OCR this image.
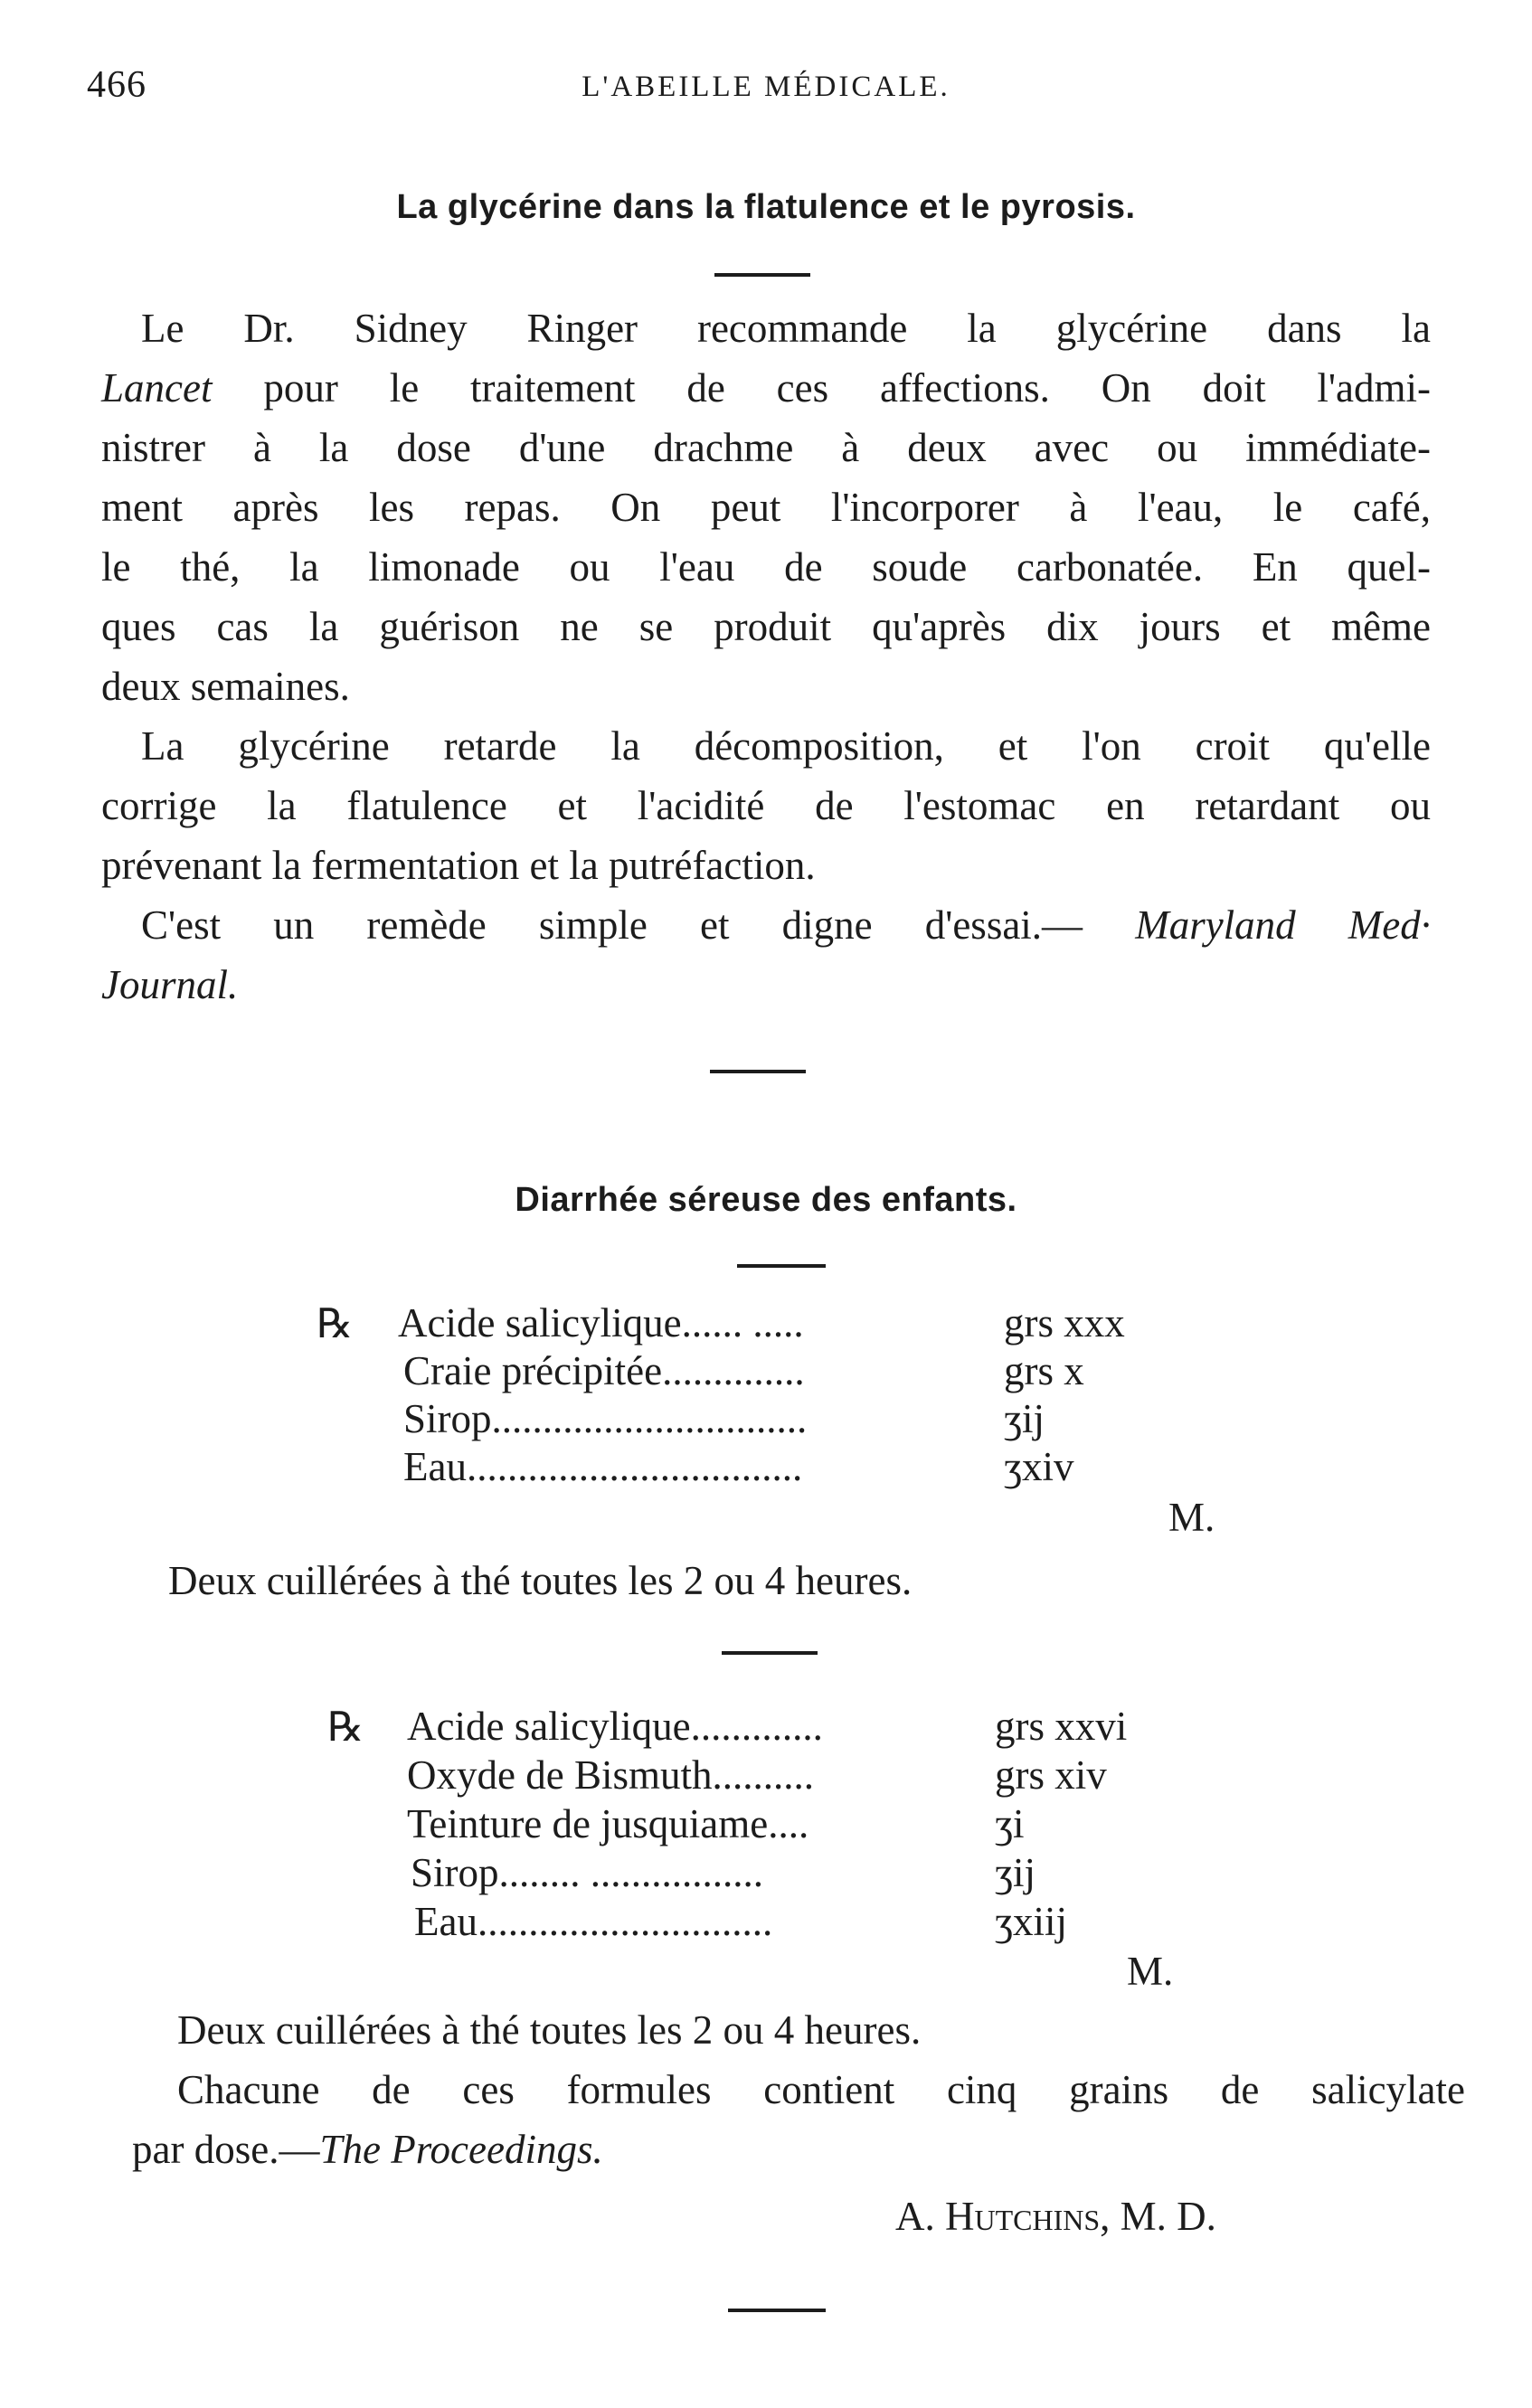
466	L'ABEILLE MÉDICALE.
La glycérine dans la flatulence et le pyrosis.
Le Dr. Sidney Ringer recommande la glycérine dans la
Lancet pour le traitement de ces affections. On doit l'admi-
nistrer à la dose d'une drachme à deux avec ou immédiate-
ment après les repas. On peut l'incorporer à l'eau, le café,
le thé, la limonade ou l'eau de soude carbonatée. En quel-
ques cas la guérison ne se produit qu'après dix jours et même
deux semaines.
La glycérine retarde la décomposition, et l'on croit qu'elle
corrige la flatulence et l'acidité de l'estomac en retardant ou
prévenant la fermentation et la putréfaction.
C'est un remède simple et digne d'essai.— Maryland Med·
Journal.
Diarrhée séreuse des enfants.
℞ Acide salicylique...... .....	grs xxx
Craie précipitée..............	grs x
Sirop...............................	ʒij
Eau.................................	ʒxiv
M.
Deux cuillérées à thé toutes les 2 ou 4 heures.
℞ Acide salicylique.............	grs xxvi
Oxyde de Bismuth..........	grs xiv
Teinture de jusquiame....	ʒi
Sirop........ .................	ʒij
Eau.............................	ʒxiij
M.
Deux cuillérées à thé toutes les 2 ou 4 heures.
Chacune de ces formules contient cinq grains de salicylate
par dose.—The Proceedings.
A. Hutchins, M. D.
